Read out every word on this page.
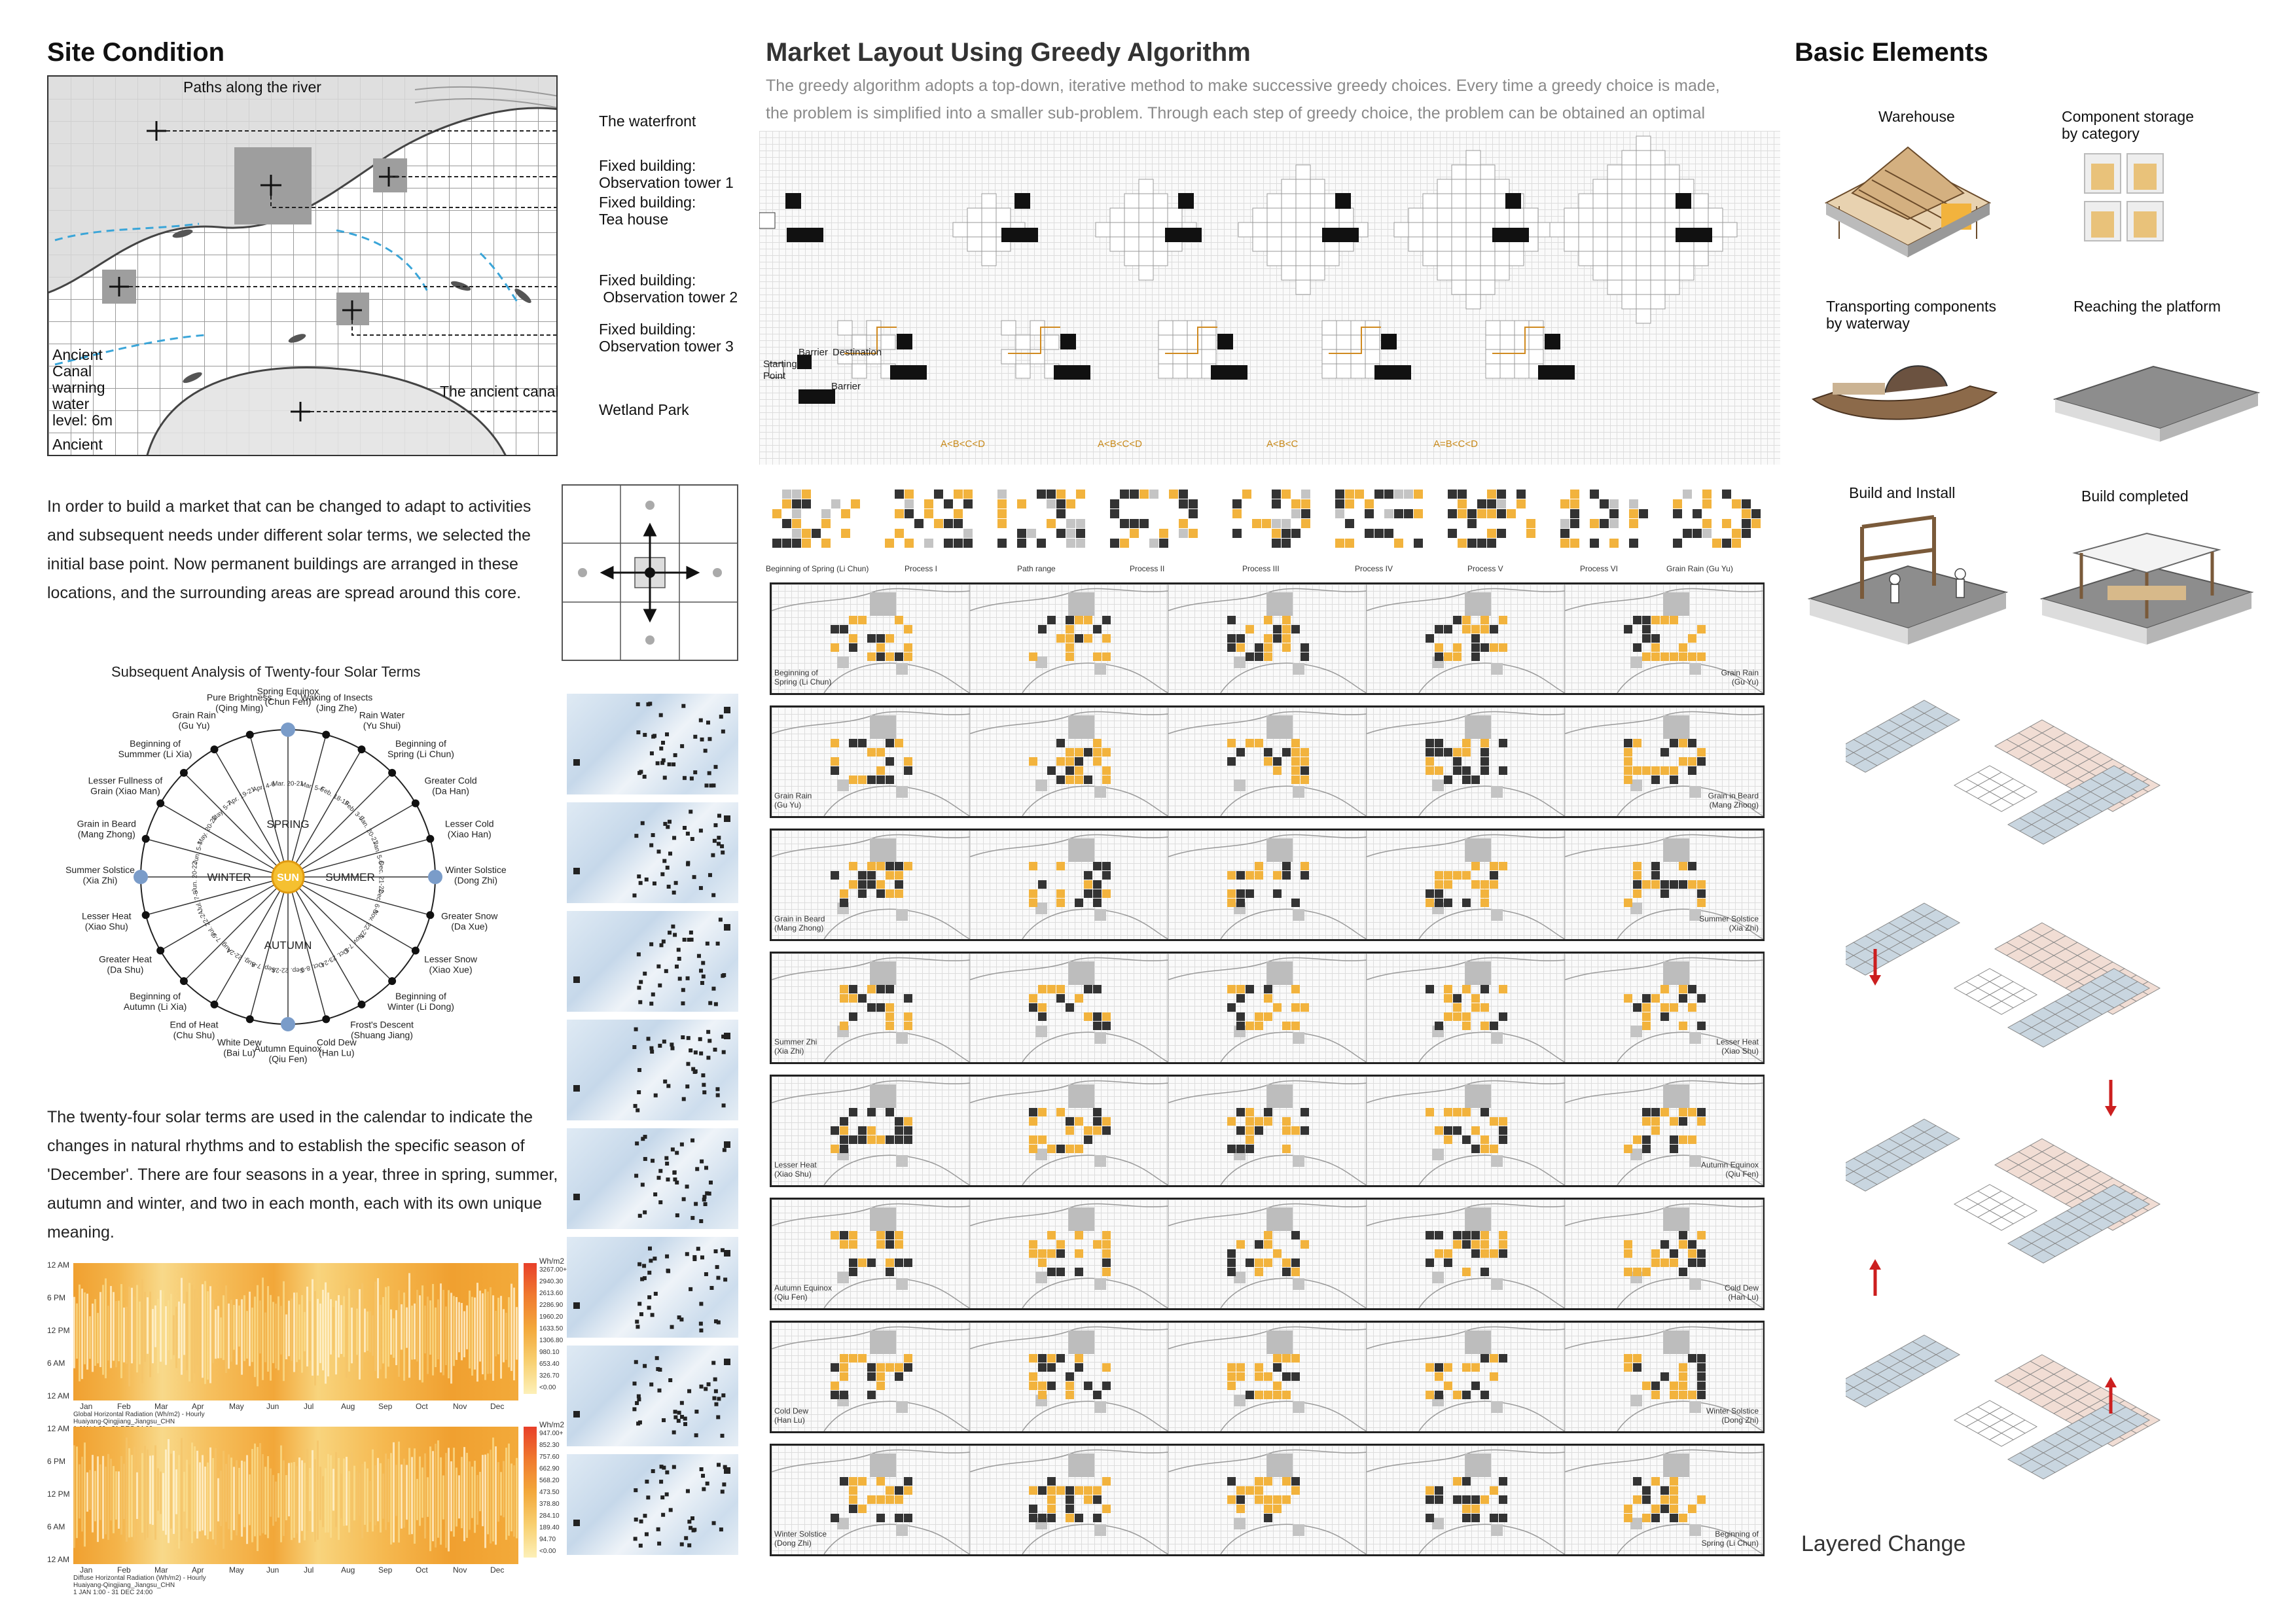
Site Condition	Market Layout Using Greedy Algorithm	Basic Elements
Paths along the river
The waterfront
Fixed building:
Observation tower 1
Fixed building:
Tea house
Fixed building:
Observation tower 2
Fixed building:
Observation tower 3
The ancient canal
Wetland Park
Ancient
Canal
warning
water
level: 6m
Ancient
In order to build a market that can be changed to adapt to activities and subsequent needs under different solar terms, we selected the initial base point. Now permanent buildings are arranged in these locations, and the surrounding areas are spread around this core.
Subsequent Analysis of Twenty-four Solar Terms
Mar. 20-21
Spring Equinox (Chun Fen)
Mar. 5-6
Waking of Insects (Jing Zhe)
Feb. 18-19
Rain Water (Yu Shui)
Feb. 3-5
Beginning of Spring (Li Chun)
Jan. 20-21
Greater Cold (Da Han)
Jan. 5-6
Lesser Cold (Xiao Han)
Dec. 21-22	Winter Solstice (Dong Zhi)
Dec. 6-8
Greater Snow (Da Xue)
Nov. 22-23
Lesser Snow (Xiao Xue)
Nov. 7-8
Beginning of Winter (Li Dong)
Oct. 23-24
Frost's Descent (Shuang Jiang)
Oct. 8-9
Cold Dew (Han Lu)
Sep. 22-24
Autumn Equinox (Qiu Fen)
Sep. 7-8
White Dew (Bai Lu)
Aug. 22-24
End of Heat (Chu Shu)
Aug. 7-9
Beginning of Autumn (Li Xia)
Jul. 22-24
Greater Heat (Da Shu)
Jul. 7-8
Lesser Heat (Xiao Shu)
Jun. 20-22
Summer Solstice (Xia Zhi)
Jun. 5-7
Grain in Beard (Mang Zhong)	May. 20-22
Lesser Fullness of Grain (Xiao Man)
May. 5-7
Beginning of Summmer (Li Xia)
Apr. 19-21
Grain Rain (Gu Yu)
Apr. 4-6
Pure Brightness (Qing Ming)
SUN
SPRING
SUMMER
AUTUMN
WINTER
The twenty-four solar terms are used in the calendar to indicate the changes in natural rhythms and to establish the specific season of 'December'. There are four seasons in a year, three in spring, summer, autumn and winter, and two in each month, each with its own unique meaning.
12 AM
6 PM
12 PM
6 AM
12 AM
Jan	Feb	Mar	Apr	May	Jun	Jul	Aug	Sep	Oct	Nov	Dec
Wh/m2
3267.00+
2940.30
2613.60
2286.90
1960.20
1633.50
1306.80
980.10
653.40
326.70
<0.00
Global Horizontal Radiation (Wh/m2) - Hourly
Huaiyang-Qingjiang_Jiangsu_CHN

12 AM
6 PM
12 PM
6 AM
12 AM
Jan	Feb	Mar	Apr	May	Jun	Jul	Aug	Sep	Oct	Nov	Dec
Wh/m2
947.00+
852.30
757.60
662.90
568.20
473.50
378.80
284.10
189.40
94.70
<0.00
Diffuse Horizontal Radiation (Wh/m2) - Hourly
Huaiyang-Qingjiang_Jiangsu_CHN
1 JAN 1:00 - 31 DEC 24:00
The greedy algorithm adopts a top-down, iterative method to make successive greedy choices. Every time a greedy choice is made, the problem is simplified into a smaller sub-problem. Through each step of greedy choice, the problem can be obtained an optimal
Starting
Point
Barrier Destination
Barrier
A<B<C<D	A<B<C<D	A<B<C	A=B<C<D
Beginning of Spring (Li Chun)	Process I	Path range	Process II	Process III	Process IV	Process V	Process VI	Grain Rain (Gu Yu)
Beginning of
Spring (Li Chun)
Grain Rain
(Gu Yu)
Grain Rain
(Gu Yu)
Grain in Beard
(Mang Zhong)
Grain in Beard
(Mang Zhong)
Summer Solstice
(Xia Zhi)
Summer Zhi
(Xia Zhi)
Lesser Heat
(Xiao Shu)
Lesser Heat
(Xiao Shu)
Autumn Equinox
(Qiu Fen)
Autumn Equinox
(Qiu Fen)
Cold Dew
(Han Lu)
Cold Dew
(Han Lu)
Winter Solstice
(Dong Zhi)
Winter Solstice
(Dong Zhi)
Beginning of
Spring (Li Chun)
Warehouse	Component storage
by category
Transporting components
by waterway
Reaching the platform
Build and Install	Build completed
Layered Change
